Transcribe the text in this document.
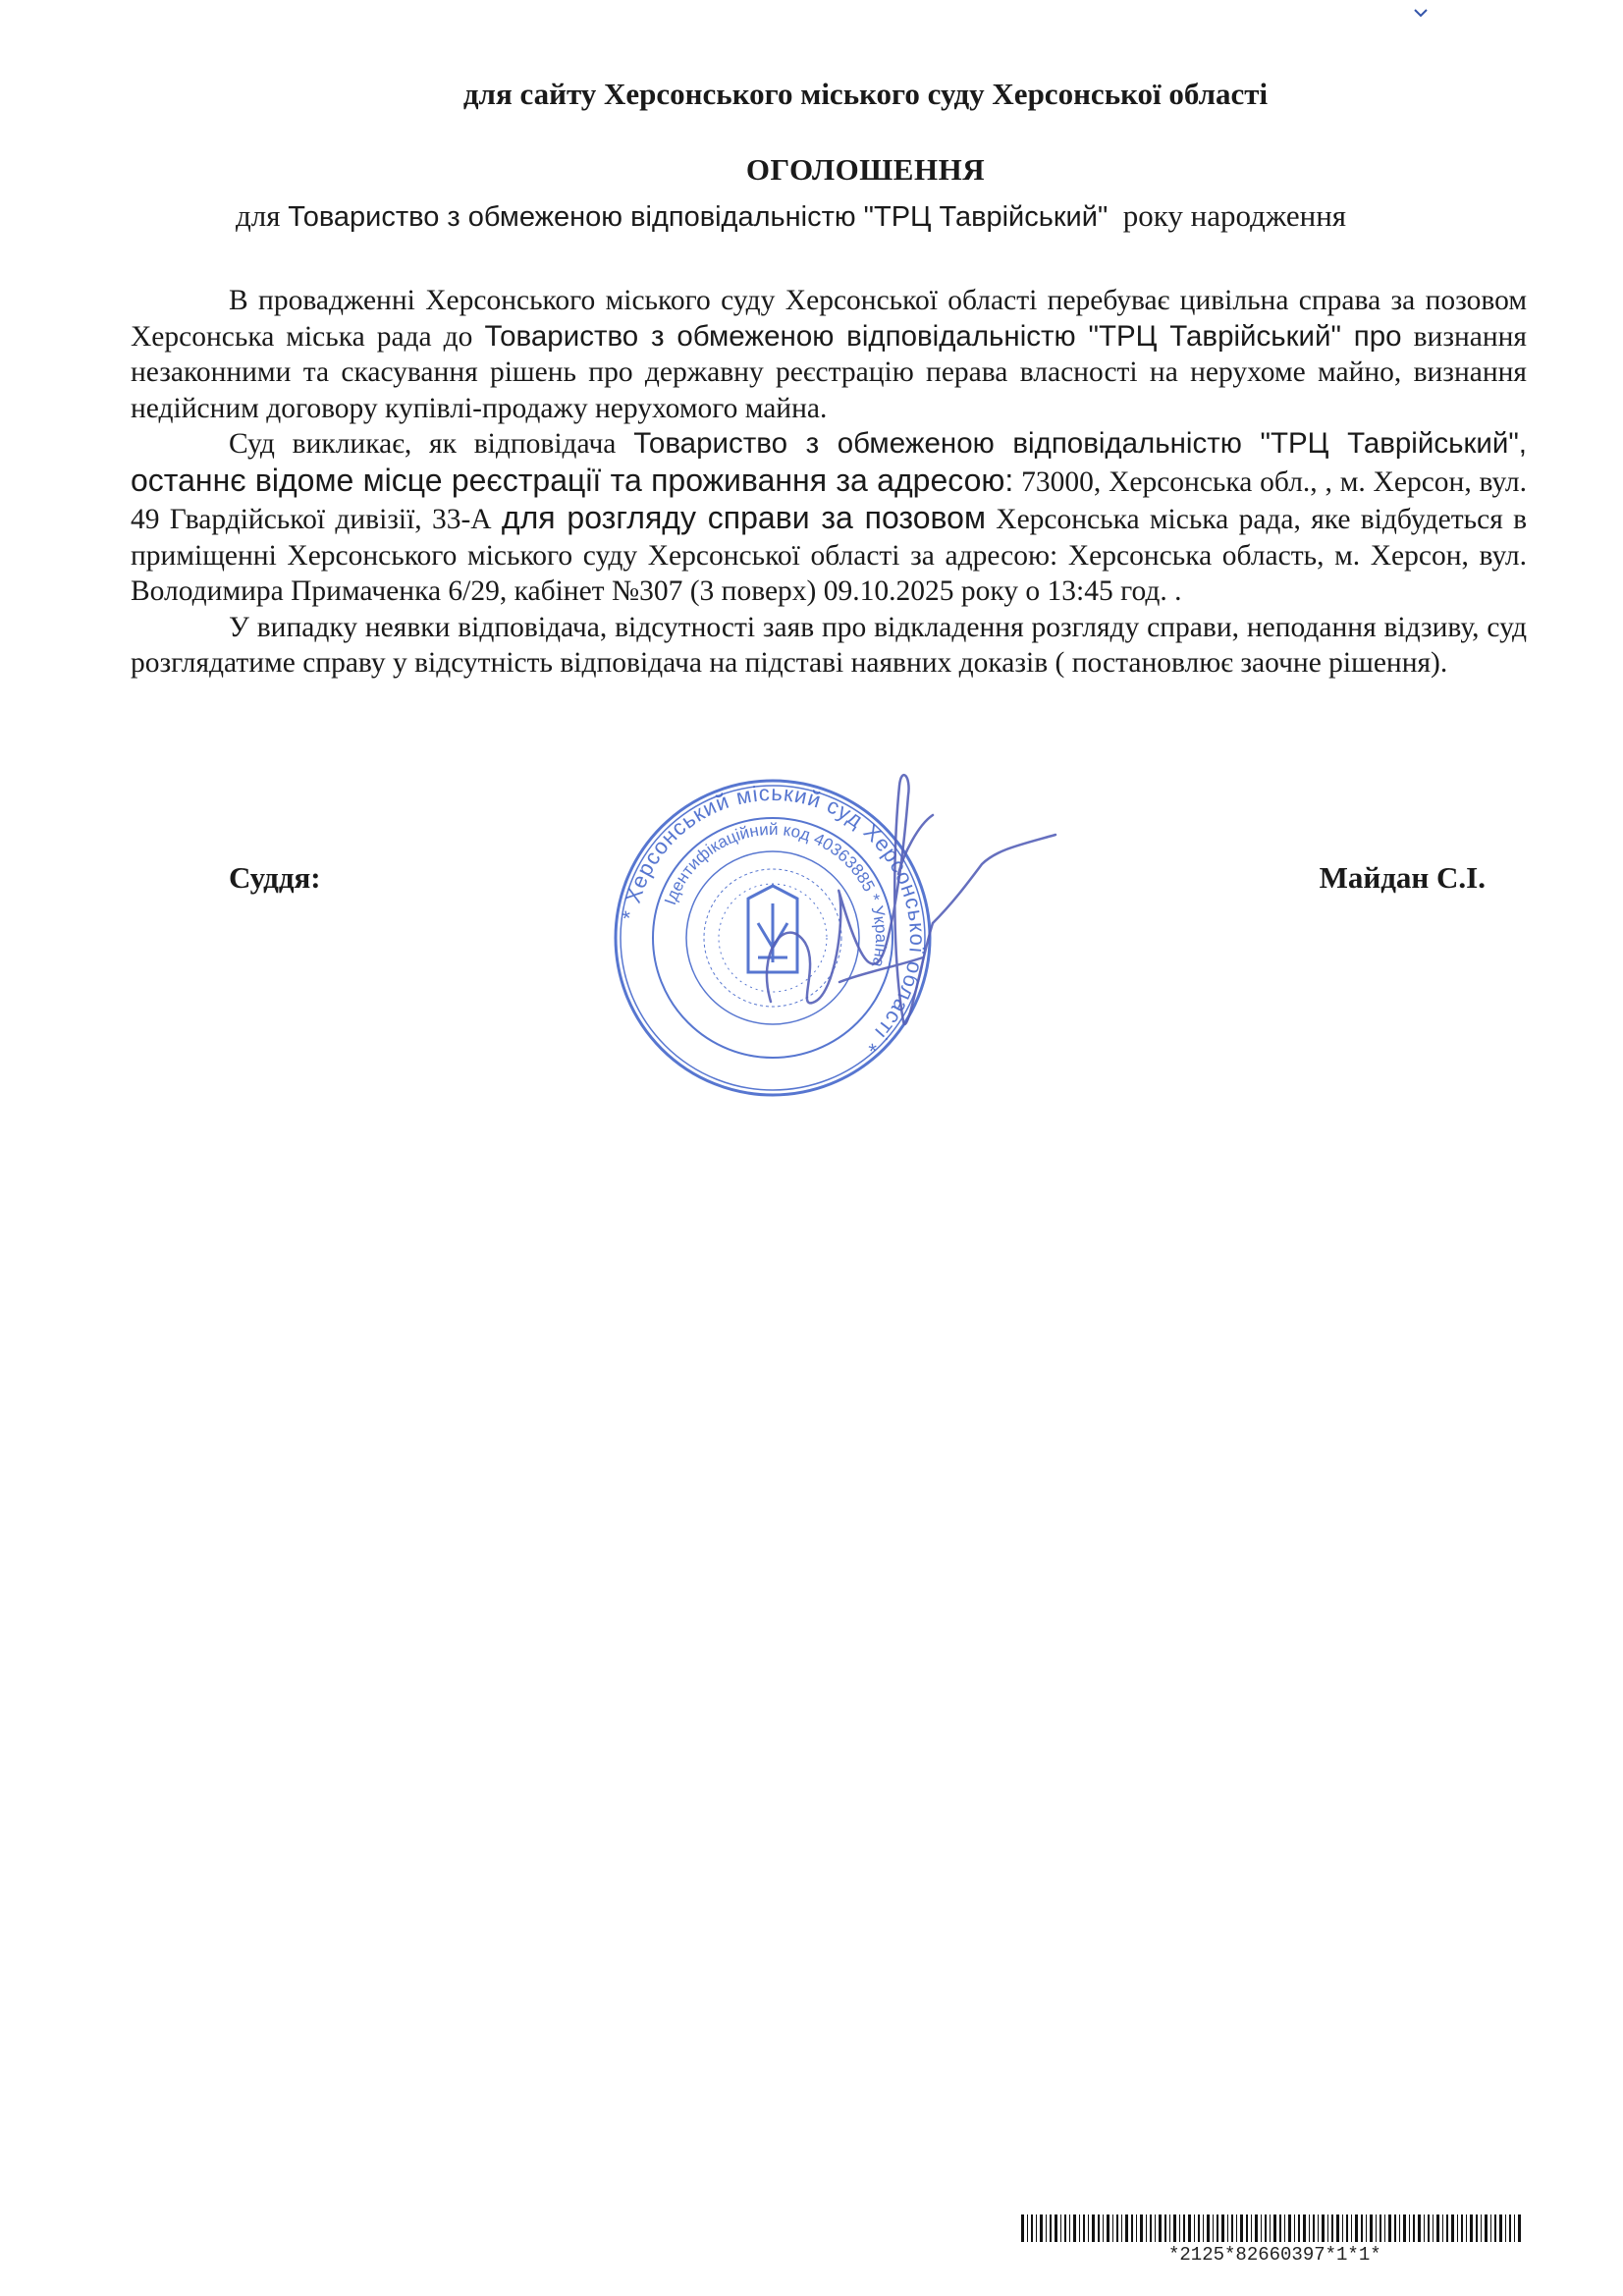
для сайту Херсонського міського суду Херсонської області
ОГОЛОШЕННЯ
для Товариство з обмеженою відповідальністю "ТРЦ Таврійський"  року народження

В провадженні Херсонського міського суду Херсонської області перебуває цивільна справа за позовом Херсонська міська рада до Товариство з обмеженою відповідальністю "ТРЦ Таврійський" про визнання незаконними та скасування рішень про державну реєстрацію перава власності на нерухоме майно, визнання недійсним договору купівлі-продажу нерухомого майна.

Суд викликає, як відповідача Товариство з обмеженою відповідальністю "ТРЦ Таврійський", останнє відоме місце реєстрації та проживання за адресою: 73000, Херсонська обл., , м. Херсон, вул. 49 Гвардійської дивізії, 33-А для розгляду справи за позовом Херсонська міська рада, яке відбудеться в приміщенні Херсонського міського суду Херсонської області за адресою: Херсонська область, м. Херсон, вул. Володимира Примаченка 6/29, кабінет №307 (3 поверх) 09.10.2025 року о 13:45 год. .

У випадку неявки відповідача, відсутності заяв про відкладення розгляду справи, неподання відзиву, суд розглядатиме справу у відсутність відповідача на підставі наявних доказів ( постановлює заочне рішення).

Суддя:	Майдан С.І.
* Херсонський міський суд Херсонської області *
Ідентифікаційний код 40363885 * Україна
*2125*82660397*1*1*
